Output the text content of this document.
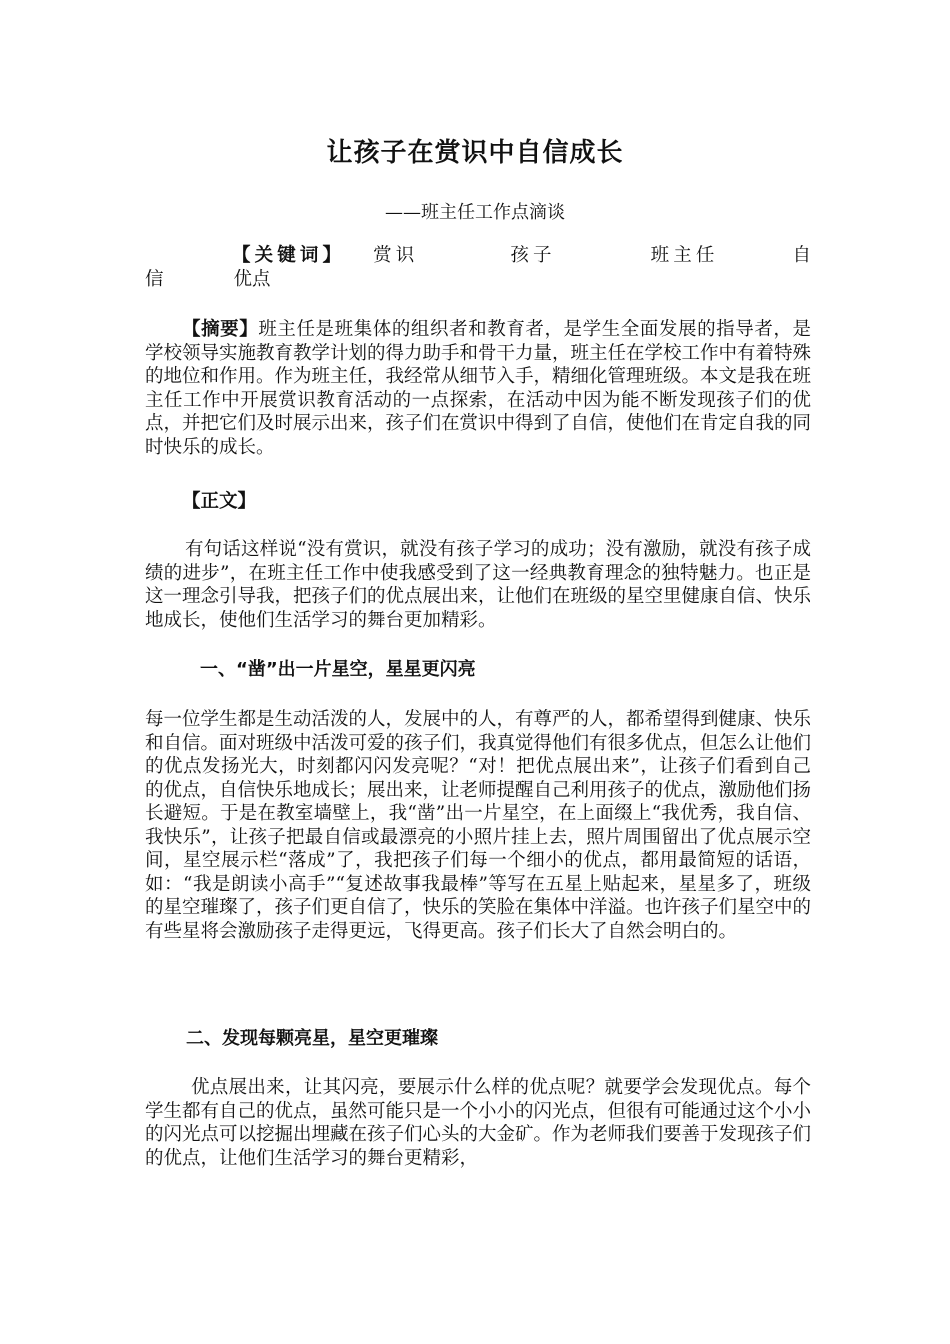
让孩子在赏识中自信成长
——班主任工作点滴谈
【关键词】 赏识	孩子	班主任	自信	优点
【摘要】班主任是班集体的组织者和教育者，是学生全面发展的指导者，是学校领导实施教育教学计划的得力助手和骨干力量，班主任在学校工作中有着特殊的地位和作用。作为班主任，我经常从细节入手，精细化管理班级。本文是我在班主任工作中开展赏识教育活动的一点探索，在活动中因为能不断发现孩子们的优点，并把它们及时展示出来，孩子们在赏识中得到了自信，使他们在肯定自我的同时快乐的成长。
【正文】
有句话这样说“没有赏识，就没有孩子学习的成功；没有激励，就没有孩子成绩的进步”，在班主任工作中使我感受到了这一经典教育理念的独特魅力。也正是这一理念引导我，把孩子们的优点展出来，让他们在班级的星空里健康自信、快乐地成长，使他们生活学习的舞台更加精彩。
一、“凿”出一片星空，星星更闪亮
每一位学生都是生动活泼的人，发展中的人，有尊严的人，都希望得到健康、快乐和自信。面对班级中活泼可爱的孩子们，我真觉得他们有很多优点，但怎么让他们的优点发扬光大，时刻都闪闪发亮呢？“对！把优点展出来”，让孩子们看到自己的优点，自信快乐地成长；展出来，让老师提醒自己利用孩子的优点，激励他们扬长避短。于是在教室墙壁上，我“凿”出一片星空，在上面缀上“我优秀，我自信、我快乐”，让孩子把最自信或最漂亮的小照片挂上去，照片周围留出了优点展示空间，星空展示栏“落成”了，我把孩子们每一个细小的优点，都用最简短的话语，如：“我是朗读小高手”“复述故事我最棒”等写在五星上贴起来，星星多了，班级的星空璀璨了，孩子们更自信了，快乐的笑脸在集体中洋溢。也许孩子们星空中的有些星将会激励孩子走得更远，飞得更高。孩子们长大了自然会明白的。
二、发现每颗亮星，星空更璀璨
优点展出来，让其闪亮，要展示什么样的优点呢？就要学会发现优点。每个学生都有自己的优点，虽然可能只是一个小小的闪光点，但很有可能通过这个小小的闪光点可以挖掘出埋藏在孩子们心头的大金矿。作为老师我们要善于发现孩子们的优点，让他们生活学习的舞台更精彩，
